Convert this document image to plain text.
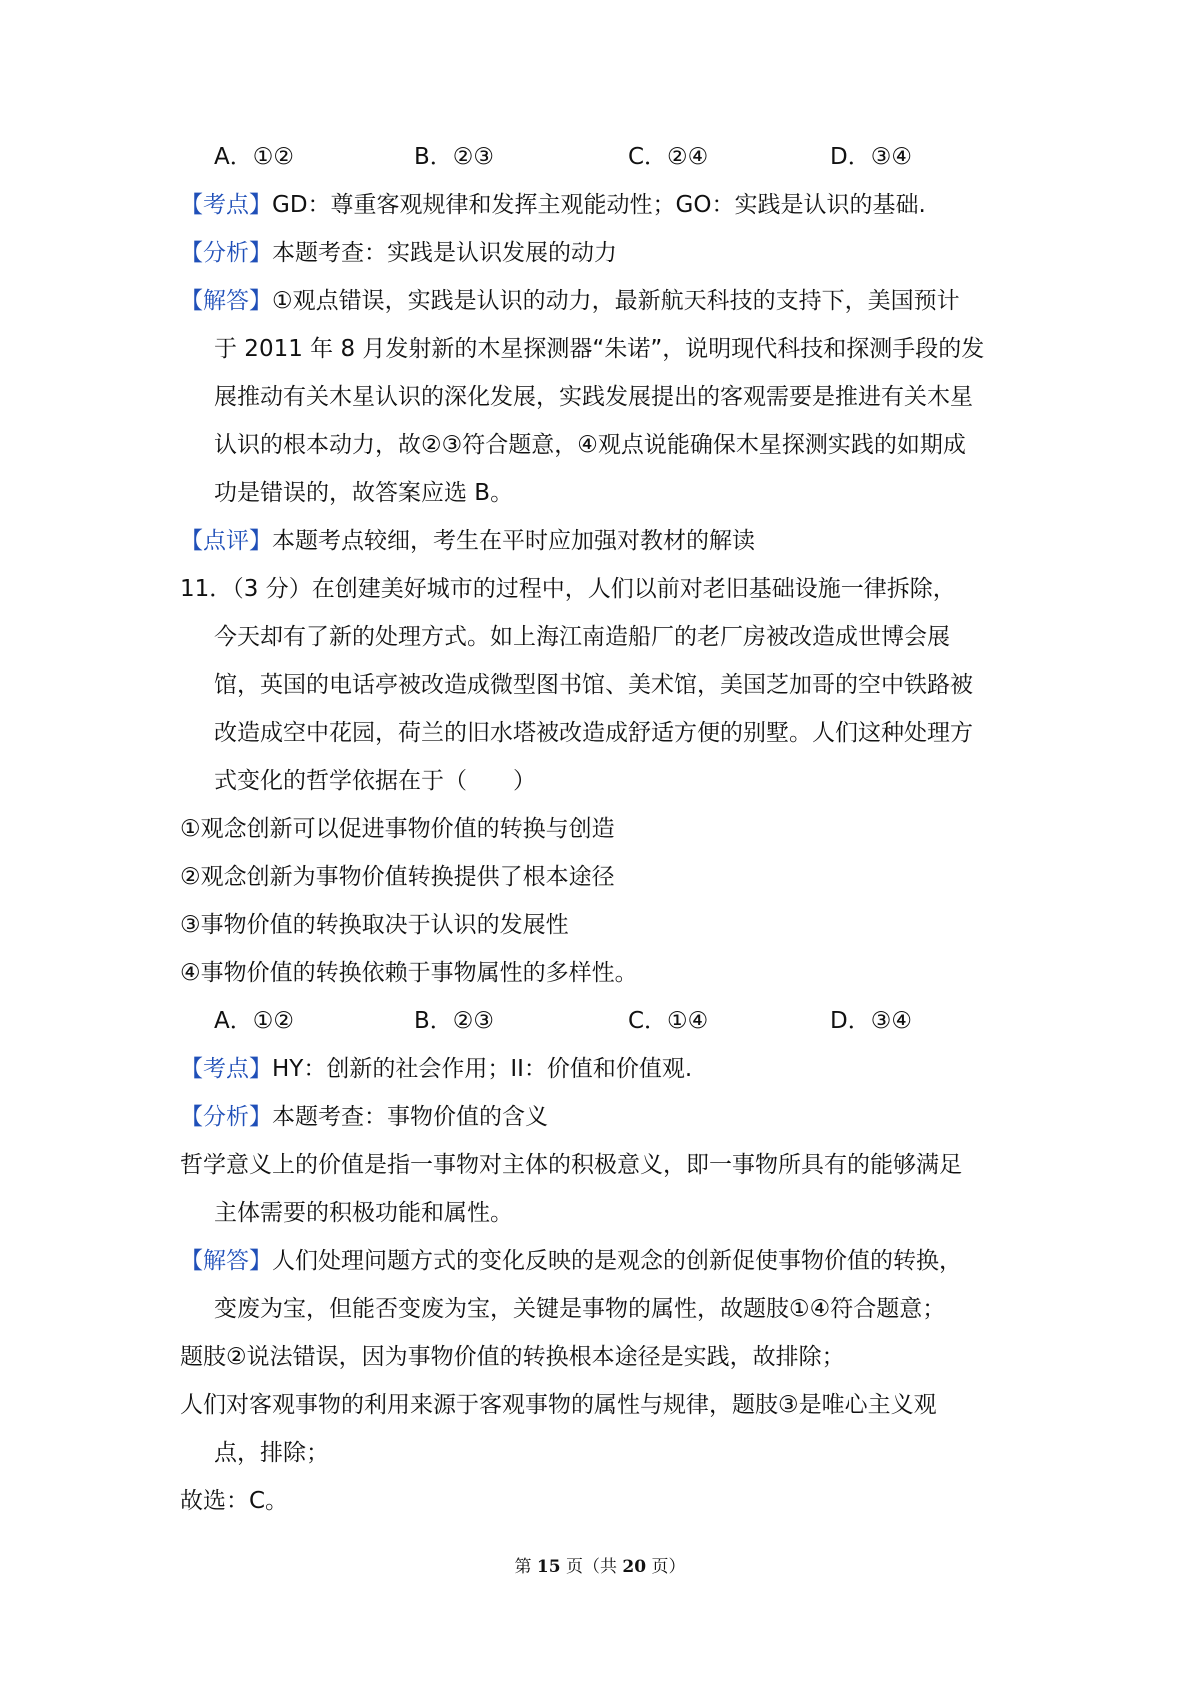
A．①②	B．②③	C．②④	D．③④
【考点】GD：尊重客观规律和发挥主观能动性；GO：实践是认识的基础.
【分析】本题考查：实践是认识发展的动力
【解答】①观点错误，实践是认识的动力，最新航天科技的支持下，美国预计
于 2011 年 8 月发射新的木星探测器“朱诺”，说明现代科技和探测手段的发
展推动有关木星认识的深化发展，实践发展提出的客观需要是推进有关木星
认识的根本动力，故②③符合题意，④观点说能确保木星探测实践的如期成
功是错误的，故答案应选 B。
【点评】本题考点较细，考生在平时应加强对教材的解读
11．（3 分）在创建美好城市的过程中，人们以前对老旧基础设施一律拆除，
今天却有了新的处理方式。如上海江南造船厂的老厂房被改造成世博会展
馆，英国的电话亭被改造成微型图书馆、美术馆，美国芝加哥的空中铁路被
改造成空中花园，荷兰的旧水塔被改造成舒适方便的别墅。人们这种处理方
式变化的哲学依据在于（　　）
①观念创新可以促进事物价值的转换与创造
②观念创新为事物价值转换提供了根本途径
③事物价值的转换取决于认识的发展性
④事物价值的转换依赖于事物属性的多样性。
A．①②	B．②③	C．①④	D．③④
【考点】HY：创新的社会作用；II：价值和价值观.
【分析】本题考查：事物价值的含义
哲学意义上的价值是指一事物对主体的积极意义，即一事物所具有的能够满足
主体需要的积极功能和属性。
【解答】人们处理问题方式的变化反映的是观念的创新促使事物价值的转换，
变废为宝，但能否变废为宝，关键是事物的属性，故题肢①④符合题意；
题肢②说法错误，因为事物价值的转换根本途径是实践，故排除；
人们对客观事物的利用来源于客观事物的属性与规律，题肢③是唯心主义观
点，排除；
故选：C。
第 15 页（共 20 页）
